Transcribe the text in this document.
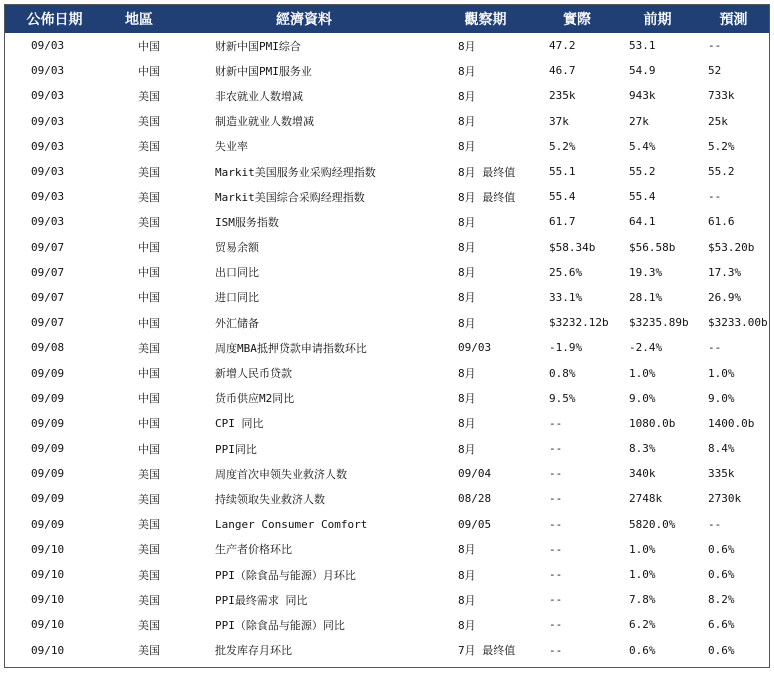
公佈日期	地區	經濟資料	觀察期	實際	前期	預測
09/03	中国	财新中国PMI综合	8月	47.2	53.1	--
09/03	中国	财新中国PMI服务业	8月	46.7	54.9	52
09/03	美国	非农就业人数增减	8月	235k	943k	733k
09/03	美国	制造业就业人数增减	8月	37k	27k	25k
09/03	美国	失业率	8月	5.2%	5.4%	5.2%
09/03	美国	Markit美国服务业采购经理指数	8月 最终值	55.1	55.2	55.2
09/03	美国	Markit美国综合采购经理指数	8月 最终值	55.4	55.4	--
09/03	美国	ISM服务指数	8月	61.7	64.1	61.6
09/07	中国	贸易余额	8月	$58.34b	$56.58b	$53.20b
09/07	中国	出口同比	8月	25.6%	19.3%	17.3%
09/07	中国	进口同比	8月	33.1%	28.1%	26.9%
09/07	中国	外汇储备	8月	$3232.12b	$3235.89b	$3233.00b
09/08	美国	周度MBA抵押贷款申请指数环比	09/03	-1.9%	-2.4%	--
09/09	中国	新增人民币贷款	8月	0.8%	1.0%	1.0%
09/09	中国	货币供应M2同比	8月	9.5%	9.0%	9.0%
09/09	中国	CPI 同比	8月	--	1080.0b	1400.0b
09/09	中国	PPI同比	8月	--	8.3%	8.4%
09/09	美国	周度首次申领失业救济人数	09/04	--	340k	335k
09/09	美国	持续领取失业救济人数	08/28	--	2748k	2730k
09/09	美国	Langer Consumer Comfort	09/05	--	5820.0%	--
09/10	美国	生产者价格环比	8月	--	1.0%	0.6%
09/10	美国	PPI（除食品与能源）月环比	8月	--	1.0%	0.6%
09/10	美国	PPI最终需求 同比	8月	--	7.8%	8.2%
09/10	美国	PPI（除食品与能源）同比	8月	--	6.2%	6.6%
09/10	美国	批发库存月环比	7月 最终值	--	0.6%	0.6%
